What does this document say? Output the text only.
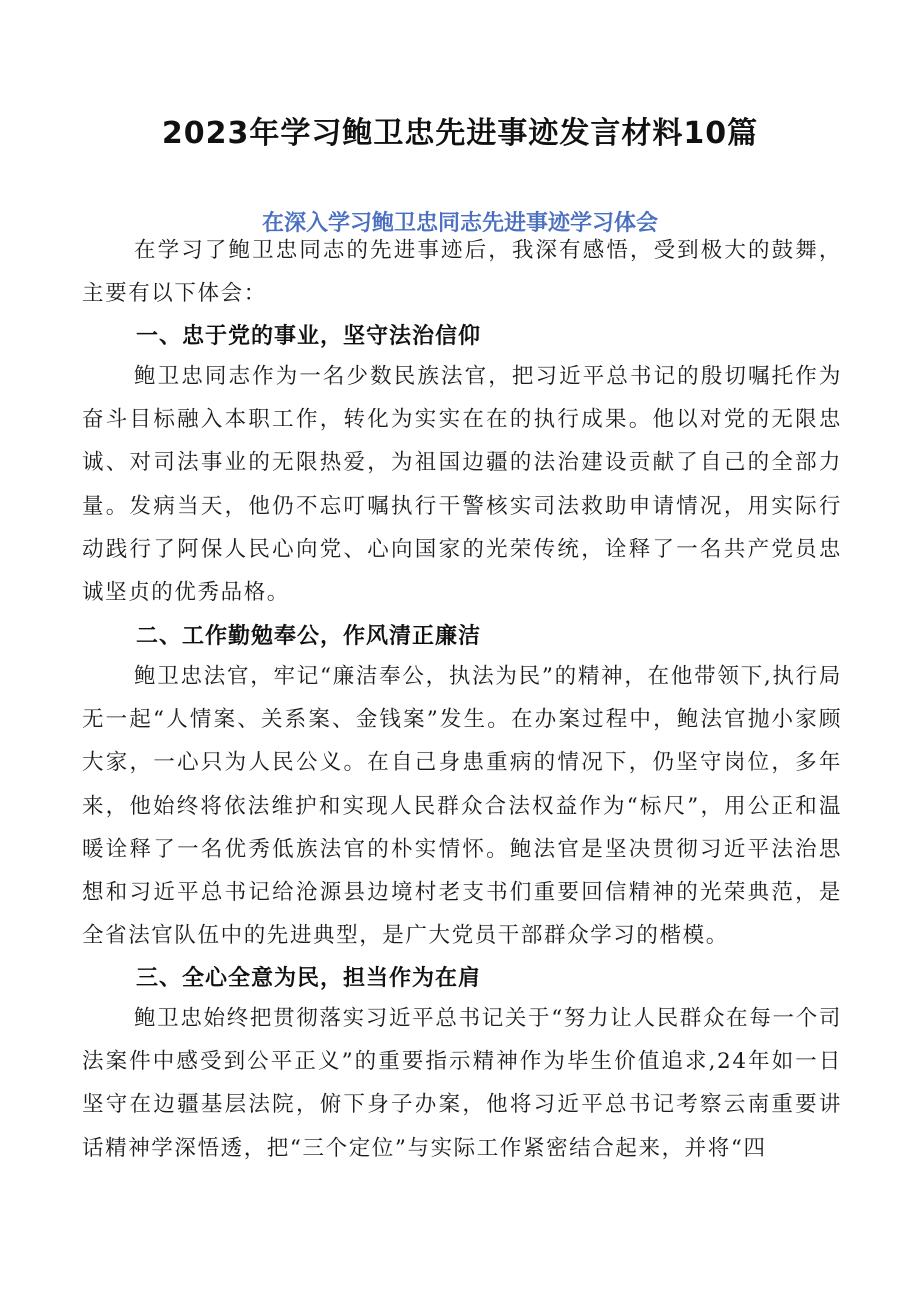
2023年学习鲍卫忠先进事迹发言材料10篇
在深入学习鲍卫忠同志先进事迹学习体会

在学习了鲍卫忠同志的先进事迹后，我深有感悟，受到极大的鼓舞，主要有以下体会：

一、忠于党的事业，坚守法治信仰

鲍卫忠同志作为一名少数民族法官，把习近平总书记的殷切嘱托作为奋斗目标融入本职工作，转化为实实在在的执行成果。他以对党的无限忠诚、对司法事业的无限热爱，为祖国边疆的法治建设贡献了自己的全部力量。发病当天，他仍不忘叮嘱执行干警核实司法救助申请情况，用实际行动践行了阿保人民心向党、心向国家的光荣传统，诠释了一名共产党员忠诚坚贞的优秀品格。

二、工作勤勉奉公，作风清正廉洁

鲍卫忠法官，牢记“廉洁奉公，执法为民”的精神，在他带领下,执行局无一起“人情案、关系案、金钱案”发生。在办案过程中，鲍法官抛小家顾大家，一心只为人民公义。在自己身患重病的情况下，仍坚守岗位，多年来，他始终将依法维护和实现人民群众合法权益作为“标尺”，用公正和温暖诠释了一名优秀低族法官的朴实情怀。鲍法官是坚决贯彻习近平法治思想和习近平总书记给沧源县边境村老支书们重要回信精神的光荣典范，是全省法官队伍中的先进典型，是广大党员干部群众学习的楷模。

三、全心全意为民，担当作为在肩

鲍卫忠始终把贯彻落实习近平总书记关于“努力让人民群众在每一个司法案件中感受到公平正义”的重要指示精神作为毕生价值追求,24年如一日坚守在边疆基层法院，俯下身子办案，他将习近平总书记考察云南重要讲话精神学深悟透，把“三个定位”与实际工作紧密结合起来，并将“四
